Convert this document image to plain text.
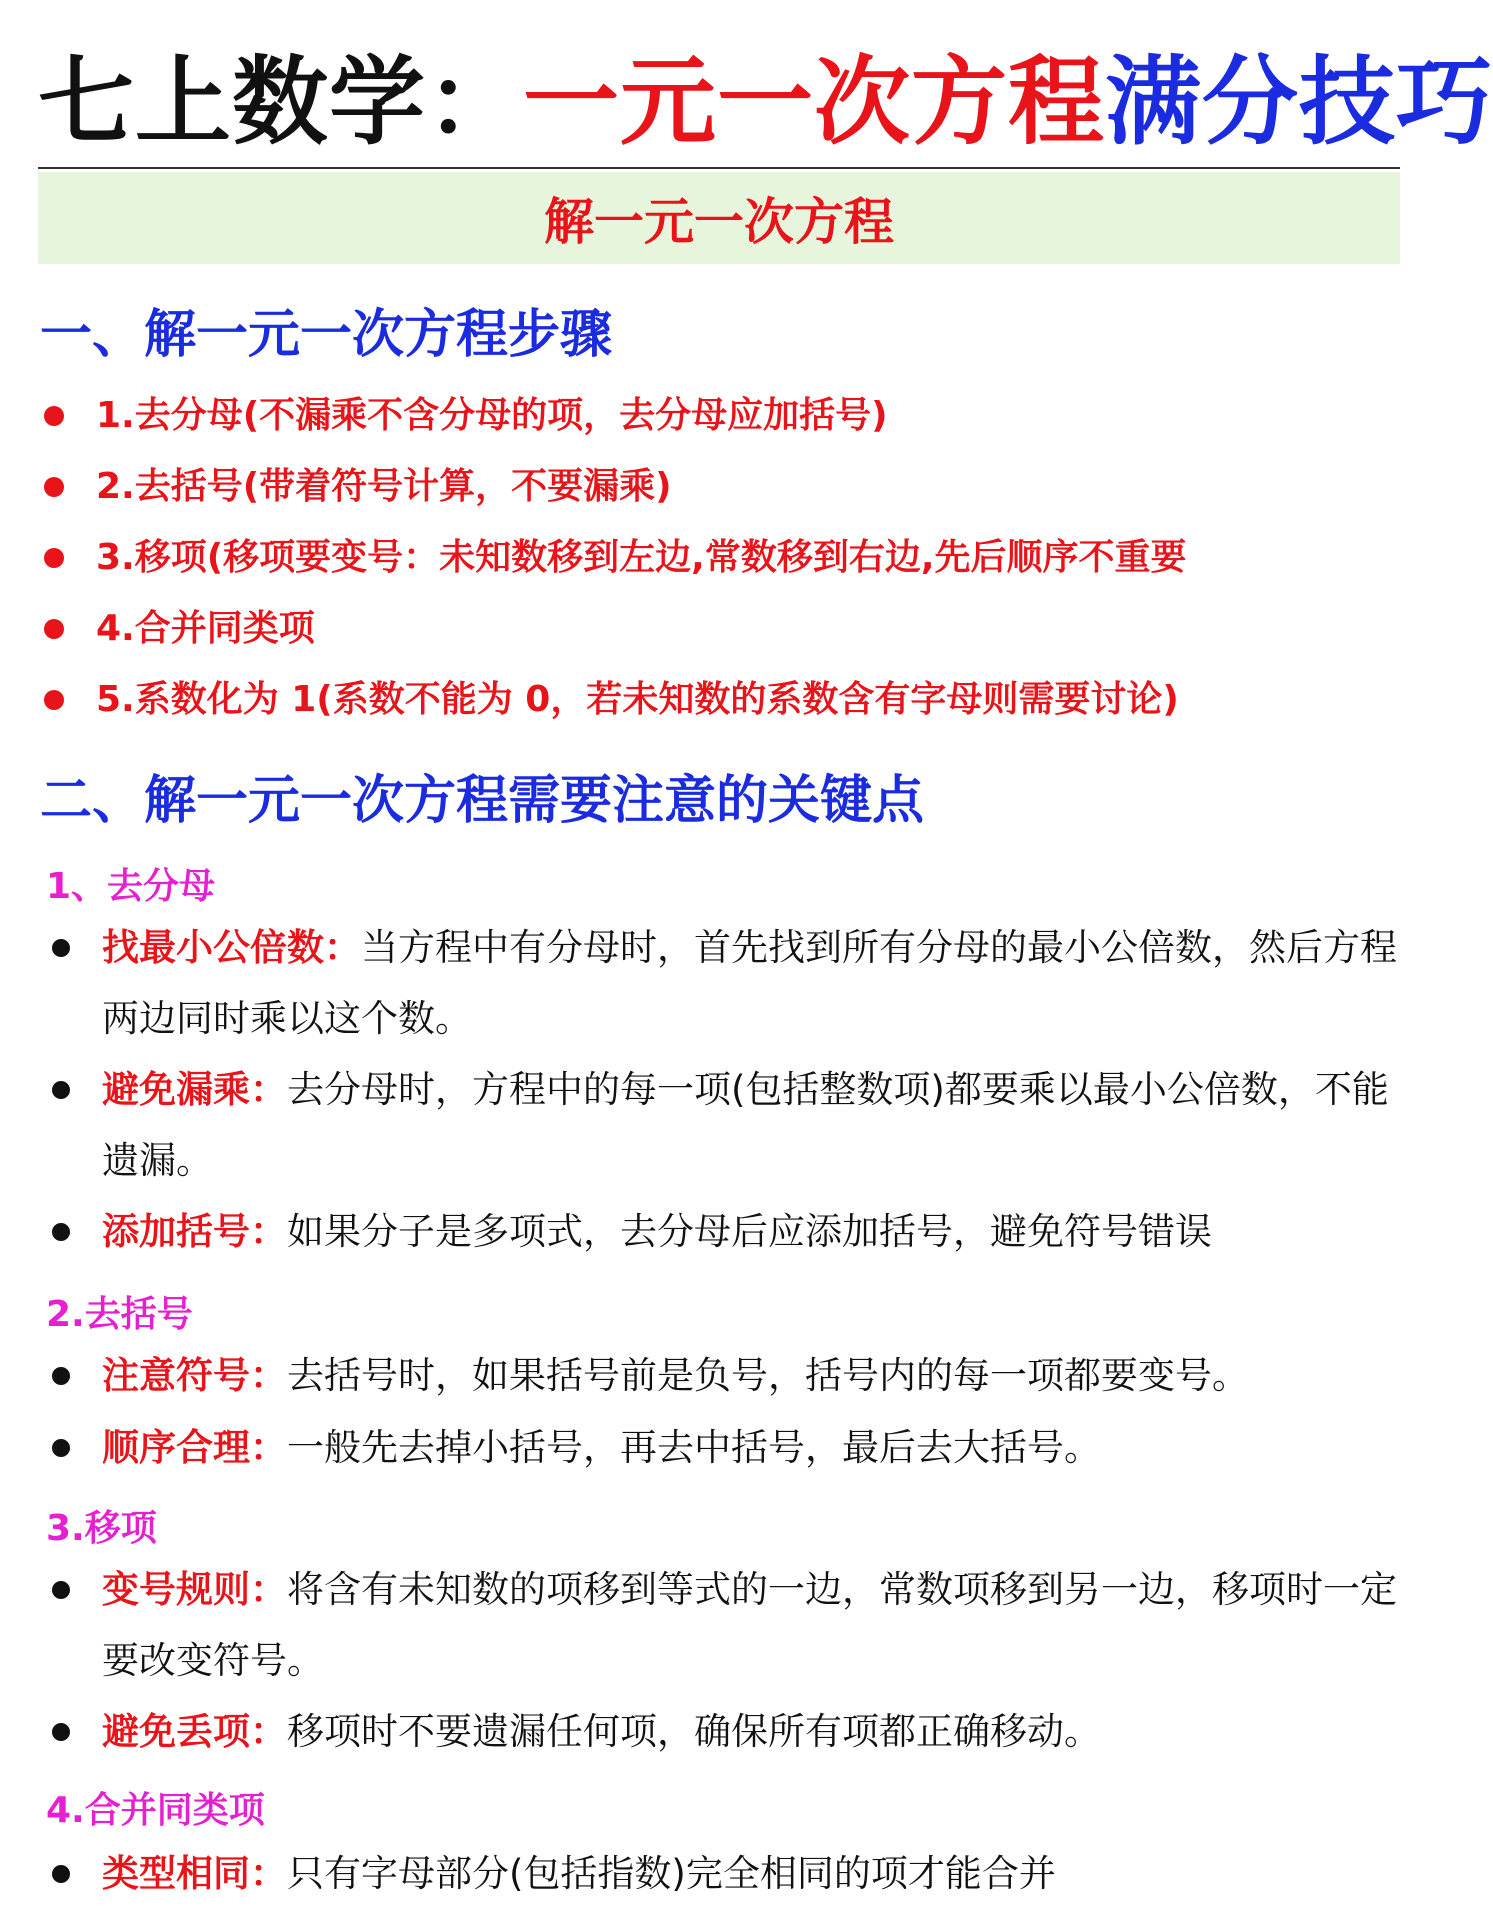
七上数学：一元一次方程满分技巧
解一元一次方程
一、解一元一次方程步骤
1.去分母(不漏乘不含分母的项，去分母应加括号)
2.去括号(带着符号计算，不要漏乘)
3.移项(移项要变号：未知数移到左边,常数移到右边,先后顺序不重要
4.合并同类项
5.系数化为 1(系数不能为 0，若未知数的系数含有字母则需要讨论)
二、解一元一次方程需要注意的关键点
1、去分母
找最小公倍数：当方程中有分母时，首先找到所有分母的最小公倍数，然后方程两边同时乘以这个数。
避免漏乘：去分母时，方程中的每一项(包括整数项)都要乘以最小公倍数，不能遗漏。
添加括号：如果分子是多项式，去分母后应添加括号，避免符号错误
2.去括号
注意符号：去括号时，如果括号前是负号，括号内的每一项都要变号。
顺序合理：一般先去掉小括号，再去中括号，最后去大括号。
3.移项
变号规则：将含有未知数的项移到等式的一边，常数项移到另一边，移项时一定要改变符号。
避免丢项：移项时不要遗漏任何项，确保所有项都正确移动。
4.合并同类项
类型相同：只有字母部分(包括指数)完全相同的项才能合并
